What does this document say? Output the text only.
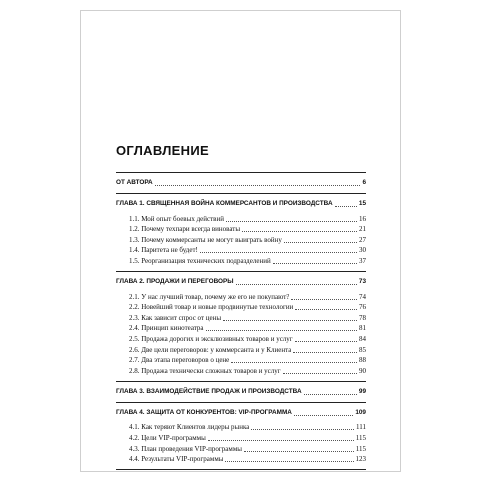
ОГЛАВЛЕНИЕ
ОТ АВТОРА	6
ГЛАВА 1. СВЯЩЕННАЯ ВОЙНА КОММЕРСАНТОВ И ПРОИЗВОДСТВА	15
1.1. Мой опыт боевых действий	16
1.2. Почему техпари всегда виноваты	21
1.3. Почему коммерсанты не могут выиграть войну	27
1.4. Паритета не будет!	30
1.5. Реорганизация технических подразделений	37
ГЛАВА 2. ПРОДАЖИ И ПЕРЕГОВОРЫ	73
2.1. У нас лучший товар, почему же его не покупают?	74
2.2. Новейший товар и новые продвинутые технологии	76
2.3. Как зависит спрос от цены	78
2.4. Принцип кинотеатра	81
2.5. Продажа дорогих и эксклюзивных товаров и услуг	84
2.6. Две цели переговоров: у коммерсанта и у Клиента	85
2.7. Два этапа переговоров о цене	88
2.8. Продажа технически сложных товаров и услуг	90
ГЛАВА 3. ВЗАИМОДЕЙСТВИЕ ПРОДАЖ И ПРОИЗВОДСТВА	99
ГЛАВА 4. ЗАЩИТА ОТ КОНКУРЕНТОВ: VIP-ПРОГРАММА	109
4.1. Как теряют Клиентов лидеры рынка	111
4.2. Цели VIP-программы	115
4.3. План проведения VIP-программы	115
4.4. Результаты VIP-программы	123
